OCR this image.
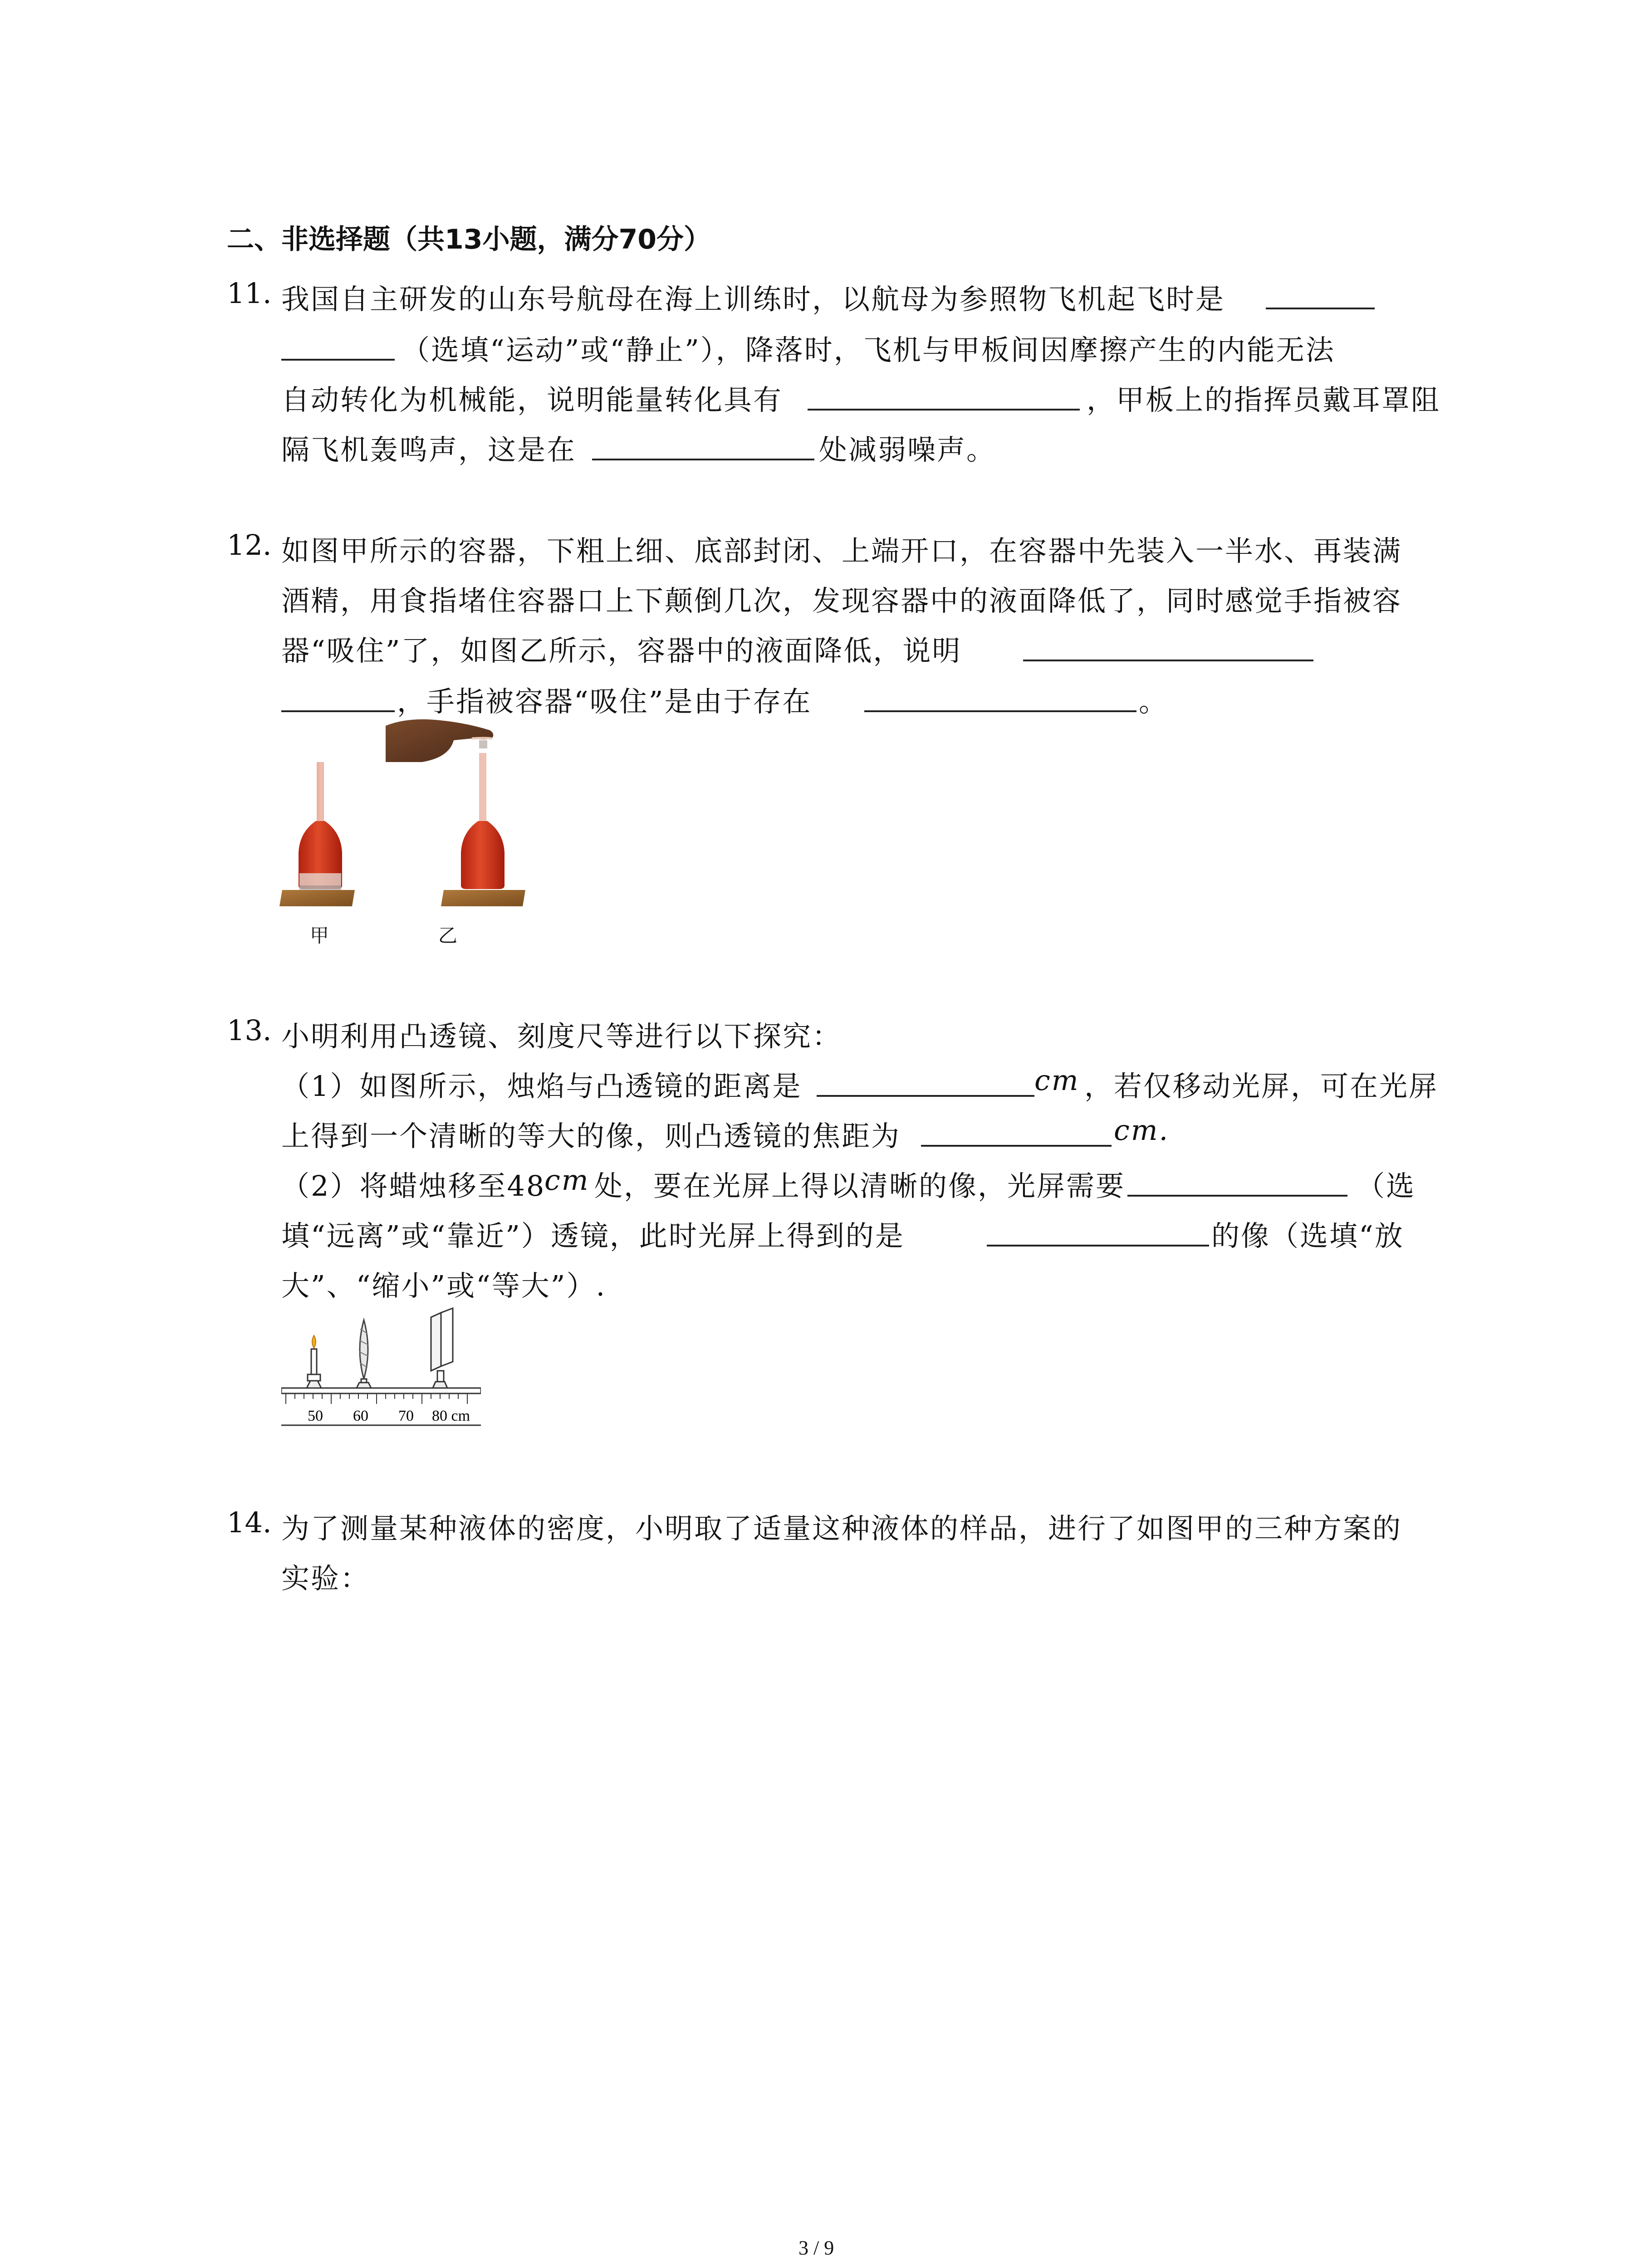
二、非选择题（共13小题，满分70分）
11. 我国自主研发的山东号航母在海上训练时，以航母为参照物飞机起飞时是
（选填“运动”或“静止”），降落时，飞机与甲板间因摩擦产生的内能无法
自动转化为机械能，说明能量转化具有	，甲板上的指挥员戴耳罩阻
隔飞机轰鸣声，这是在	处减弱噪声。
12. 如图甲所示的容器，下粗上细、底部封闭、上端开口，在容器中先装入一半水、再装满
酒精，用食指堵住容器口上下颠倒几次，发现容器中的液面降低了，同时感觉手指被容
器“吸住”了，如图乙所示，容器中的液面降低，说明
，手指被容器“吸住”是由于存在	。
甲	乙
13. 小明利用凸透镜、刻度尺等进行以下探究：
（1）如图所示，烛焰与凸透镜的距离是	cm ，若仅移动光屏，可在光屏
上得到一个清晰的等大的像，则凸透镜的焦距为	cm.
（2）将蜡烛移至48
cm 处，要在光屏上得以清晰的像，光屏需要	（选
填“远离”或“靠近”）透镜，此时光屏上得到的是	的像（选填“放
大”、“缩小”或“等大”）.
50 60 70 80 cm
14. 为了测量某种液体的密度，小明取了适量这种液体的样品，进行了如图甲的三种方案的
实验：
3 / 9
